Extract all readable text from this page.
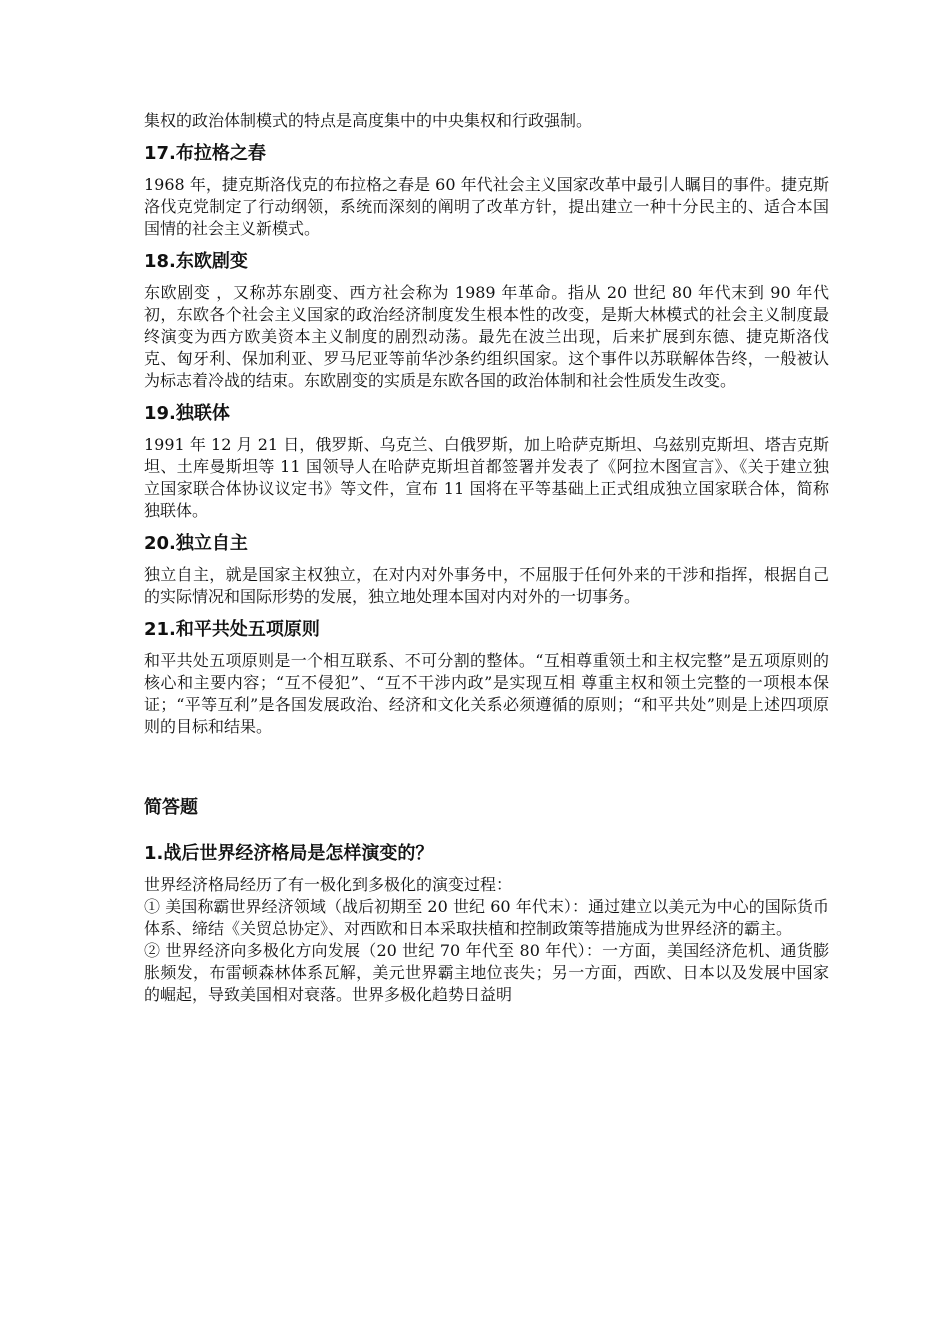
集权的政治体制模式的特点是高度集中的中央集权和行政强制。

17.布拉格之春

1968 年，捷克斯洛伐克的布拉格之春是 60 年代社会主义国家改革中最引人瞩目的事件。捷克斯洛伐克党制定了行动纲领，系统而深刻的阐明了改革方针，提出建立一种十分民主的、适合本国国情的社会主义新模式。

18.东欧剧变

东欧剧变 ，又称苏东剧变、西方社会称为 1989 年革命。指从 20 世纪 80 年代末到 90 年代初，东欧各个社会主义国家的政治经济制度发生根本性的改变，是斯大林模式的社会主义制度最终演变为西方欧美资本主义制度的剧烈动荡。最先在波兰出现，后来扩展到东德、捷克斯洛伐克、匈牙利、保加利亚、罗马尼亚等前华沙条约组织国家。这个事件以苏联解体告终，一般被认为标志着冷战的结束。东欧剧变的实质是东欧各国的政治体制和社会性质发生改变。

19.独联体

1991 年 12 月 21 日，俄罗斯、乌克兰、白俄罗斯，加上哈萨克斯坦、乌兹别克斯坦、塔吉克斯坦、土库曼斯坦等 11 国领导人在哈萨克斯坦首都签署并发表了《阿拉木图宣言》、《关于建立独立国家联合体协议议定书》等文件，宣布 11 国将在平等基础上正式组成独立国家联合体，简称独联体。

20.独立自主

独立自主，就是国家主权独立，在对内对外事务中，不屈服于任何外来的干涉和指挥，根据自己的实际情况和国际形势的发展，独立地处理本国对内对外的一切事务。

21.和平共处五项原则

和平共处五项原则是一个相互联系、不可分割的整体。“互相尊重领土和主权完整”是五项原则的核心和主要内容；“互不侵犯”、“互不干涉内政”是实现互相 尊重主权和领土完整的一项根本保证；“平等互利”是各国发展政治、经济和文化关系必须遵循的原则；“和平共处”则是上述四项原则的目标和结果。

简答题
1.战后世界经济格局是怎样演变的？

世界经济格局经历了有一极化到多极化的演变过程：
① 美国称霸世界经济领域（战后初期至 20 世纪 60 年代末）：通过建立以美元为中心的国际货币体系、缔结《关贸总协定》、对西欧和日本采取扶植和控制政策等措施成为世界经济的霸主。
② 世界经济向多极化方向发展（20 世纪 70 年代至 80 年代）：一方面，美国经济危机、通货膨胀频发，布雷顿森林体系瓦解，美元世界霸主地位丧失；另一方面，西欧、日本以及发展中国家的崛起，导致美国相对衰落。世界多极化趋势日益明
